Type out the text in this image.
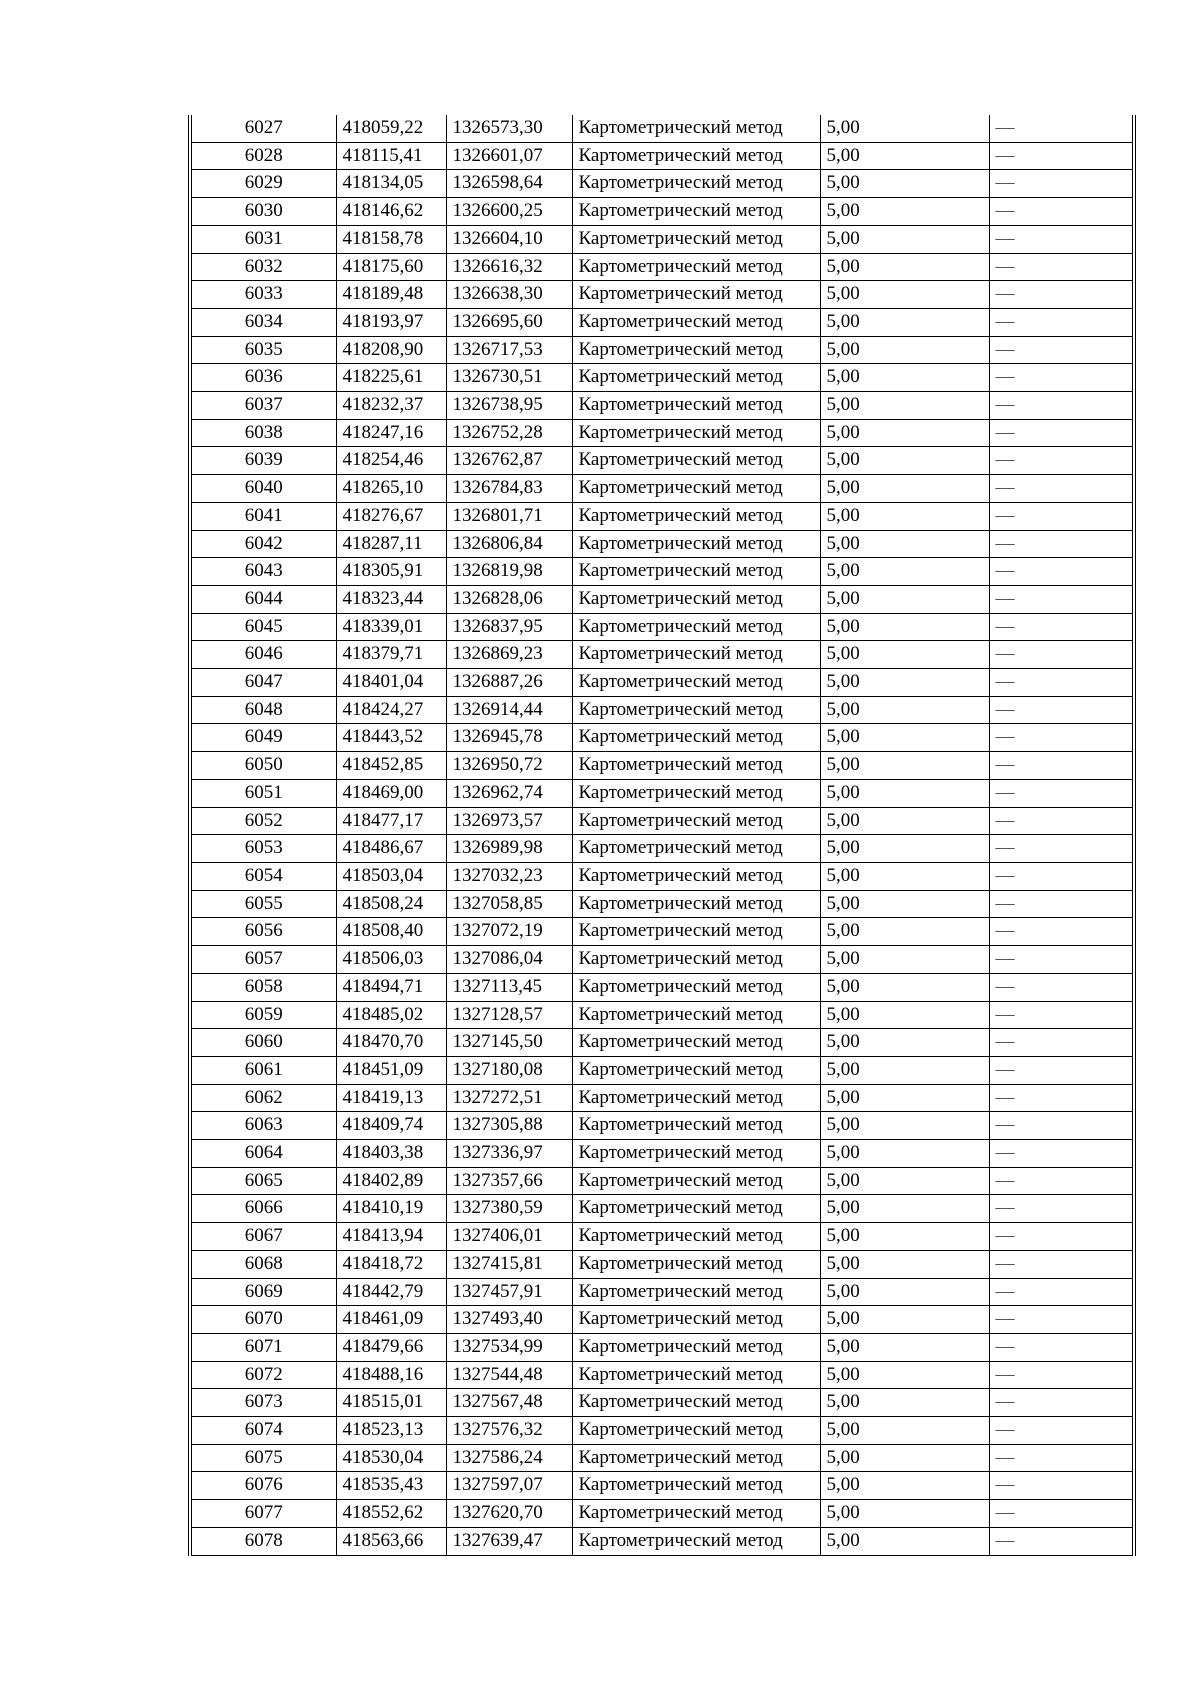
6027	418059,22	1326573,30	Картометрический метод	5,00	—
6028	418115,41	1326601,07	Картометрический метод	5,00	—
6029	418134,05	1326598,64	Картометрический метод	5,00	—
6030	418146,62	1326600,25	Картометрический метод	5,00	—
6031	418158,78	1326604,10	Картометрический метод	5,00	—
6032	418175,60	1326616,32	Картометрический метод	5,00	—
6033	418189,48	1326638,30	Картометрический метод	5,00	—
6034	418193,97	1326695,60	Картометрический метод	5,00	—
6035	418208,90	1326717,53	Картометрический метод	5,00	—
6036	418225,61	1326730,51	Картометрический метод	5,00	—
6037	418232,37	1326738,95	Картометрический метод	5,00	—
6038	418247,16	1326752,28	Картометрический метод	5,00	—
6039	418254,46	1326762,87	Картометрический метод	5,00	—
6040	418265,10	1326784,83	Картометрический метод	5,00	—
6041	418276,67	1326801,71	Картометрический метод	5,00	—
6042	418287,11	1326806,84	Картометрический метод	5,00	—
6043	418305,91	1326819,98	Картометрический метод	5,00	—
6044	418323,44	1326828,06	Картометрический метод	5,00	—
6045	418339,01	1326837,95	Картометрический метод	5,00	—
6046	418379,71	1326869,23	Картометрический метод	5,00	—
6047	418401,04	1326887,26	Картометрический метод	5,00	—
6048	418424,27	1326914,44	Картометрический метод	5,00	—
6049	418443,52	1326945,78	Картометрический метод	5,00	—
6050	418452,85	1326950,72	Картометрический метод	5,00	—
6051	418469,00	1326962,74	Картометрический метод	5,00	—
6052	418477,17	1326973,57	Картометрический метод	5,00	—
6053	418486,67	1326989,98	Картометрический метод	5,00	—
6054	418503,04	1327032,23	Картометрический метод	5,00	—
6055	418508,24	1327058,85	Картометрический метод	5,00	—
6056	418508,40	1327072,19	Картометрический метод	5,00	—
6057	418506,03	1327086,04	Картометрический метод	5,00	—
6058	418494,71	1327113,45	Картометрический метод	5,00	—
6059	418485,02	1327128,57	Картометрический метод	5,00	—
6060	418470,70	1327145,50	Картометрический метод	5,00	—
6061	418451,09	1327180,08	Картометрический метод	5,00	—
6062	418419,13	1327272,51	Картометрический метод	5,00	—
6063	418409,74	1327305,88	Картометрический метод	5,00	—
6064	418403,38	1327336,97	Картометрический метод	5,00	—
6065	418402,89	1327357,66	Картометрический метод	5,00	—
6066	418410,19	1327380,59	Картометрический метод	5,00	—
6067	418413,94	1327406,01	Картометрический метод	5,00	—
6068	418418,72	1327415,81	Картометрический метод	5,00	—
6069	418442,79	1327457,91	Картометрический метод	5,00	—
6070	418461,09	1327493,40	Картометрический метод	5,00	—
6071	418479,66	1327534,99	Картометрический метод	5,00	—
6072	418488,16	1327544,48	Картометрический метод	5,00	—
6073	418515,01	1327567,48	Картометрический метод	5,00	—
6074	418523,13	1327576,32	Картометрический метод	5,00	—
6075	418530,04	1327586,24	Картометрический метод	5,00	—
6076	418535,43	1327597,07	Картометрический метод	5,00	—
6077	418552,62	1327620,70	Картометрический метод	5,00	—
6078	418563,66	1327639,47	Картометрический метод	5,00	—
